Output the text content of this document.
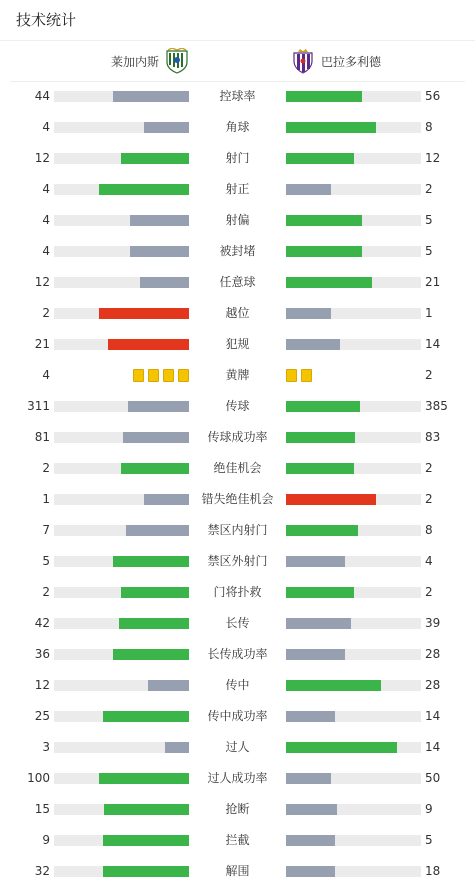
技术统计
莱加内斯	巴拉多利德
44	控球率	56
4	角球	8
12	射门	12
4	射正	2
4	射偏	5
4	被封堵	5
12	任意球	21
2	越位	1
21	犯规	14
4	黄牌	2
311	传球	385
81	传球成功率	83
2	绝佳机会	2
1	错失绝佳机会	2
7	禁区内射门	8
5	禁区外射门	4
2	门将扑救	2
42	长传	39
36	长传成功率	28
12	传中	28
25	传中成功率	14
3	过人	14
100	过人成功率	50
15	抢断	9
9	拦截	5
32	解围	18
